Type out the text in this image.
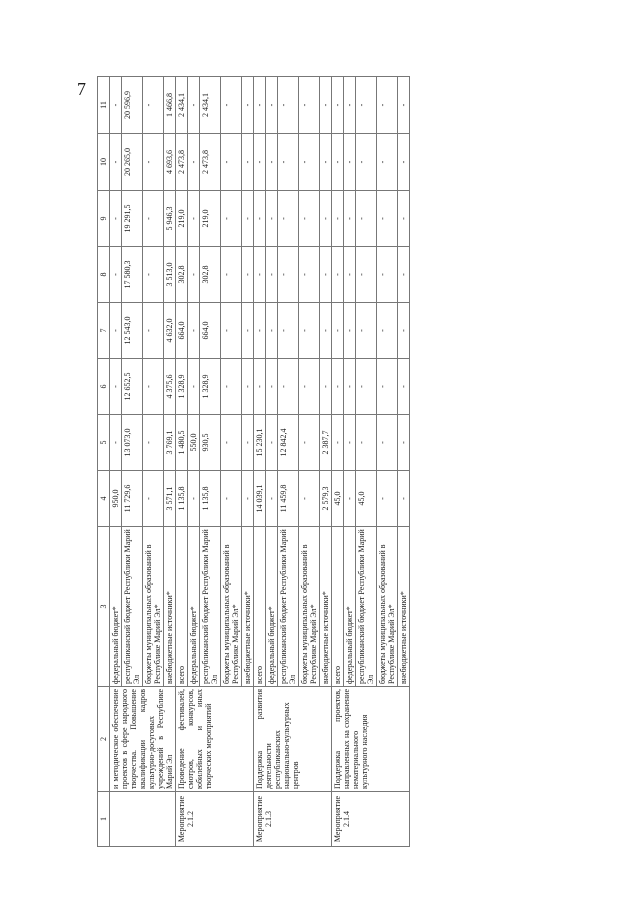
7
1	2	3	4	5	6	7	8	9	10	11
	и методическое обеспечение проектов в сфере народного творчества. Повышение квалификации кадров культурно-досуговых учреждений в Республике Марий Эл	федеральный бюджет*	950,0	-	-	-	-	-	-	-
		республиканский бюджет Республики Марий Эл	11 729,6	13 073,0	12 652,5	12 543,0	17 580,3	19 291,5	20 265,0	20 596,9
		бюджеты муниципальных образований в Республике Марий Эл*	-	-	-	-	-	-	-	-
		внебюджетные источники*	3 571,1	3 769,1	4 375,6	4 632,0	3 513,0	5 946,3	4 693,6	1 466,8
Мероприятие 2.1.2	Проведение фестивалей, смотров, конкурсов, юбилейных и иных творческих мероприятий	всего	1 135,8	1 480,5	1 328,9	664,0	302,8	219,0	2 473,8	2 434,1
		федеральный бюджет*	-	550,0	-	-	-	-	-	-
		республиканский бюджет Республики Марий Эл	1 135,8	930,5	1 328,9	664,0	302,8	219,0	2 473,8	2 434,1
		бюджеты муниципальных образований в Республике Марий Эл*	-	-	-	-	-	-	-	-
		внебюджетные источники*	-	-	-	-	-	-	-	-
Мероприятие 2.1.3	Поддержка развития деятельности республиканских национально-культурных центров	всего	14 039,1	15 230,1	-	-	-	-	-	-
		федеральный бюджет*	-	-	-	-	-	-	-	-
		республиканский бюджет Республики Марий Эл	11 459,8	12 842,4	-	-	-	-	-	-
		бюджеты муниципальных образований в Республике Марий Эл*	-	-	-	-	-	-	-	-
		внебюджетные источники*	2 579,3	2 387,7	-	-	-	-	-	-
Мероприятие 2.1.4	Поддержка проектов, направленных на сохранение нематериального культурного наследия	всего	45,0	-	-	-	-	-	-	-
		федеральный бюджет*	-	-	-	-	-	-	-	-
		республиканский бюджет Республики Марий Эл	45,0	-	-	-	-	-	-	-
		бюджеты муниципальных образований в Республике Марий Эл*	-	-	-	-	-	-	-	-
		внебюджетные источники*	-	-	-	-	-	-	-	-
